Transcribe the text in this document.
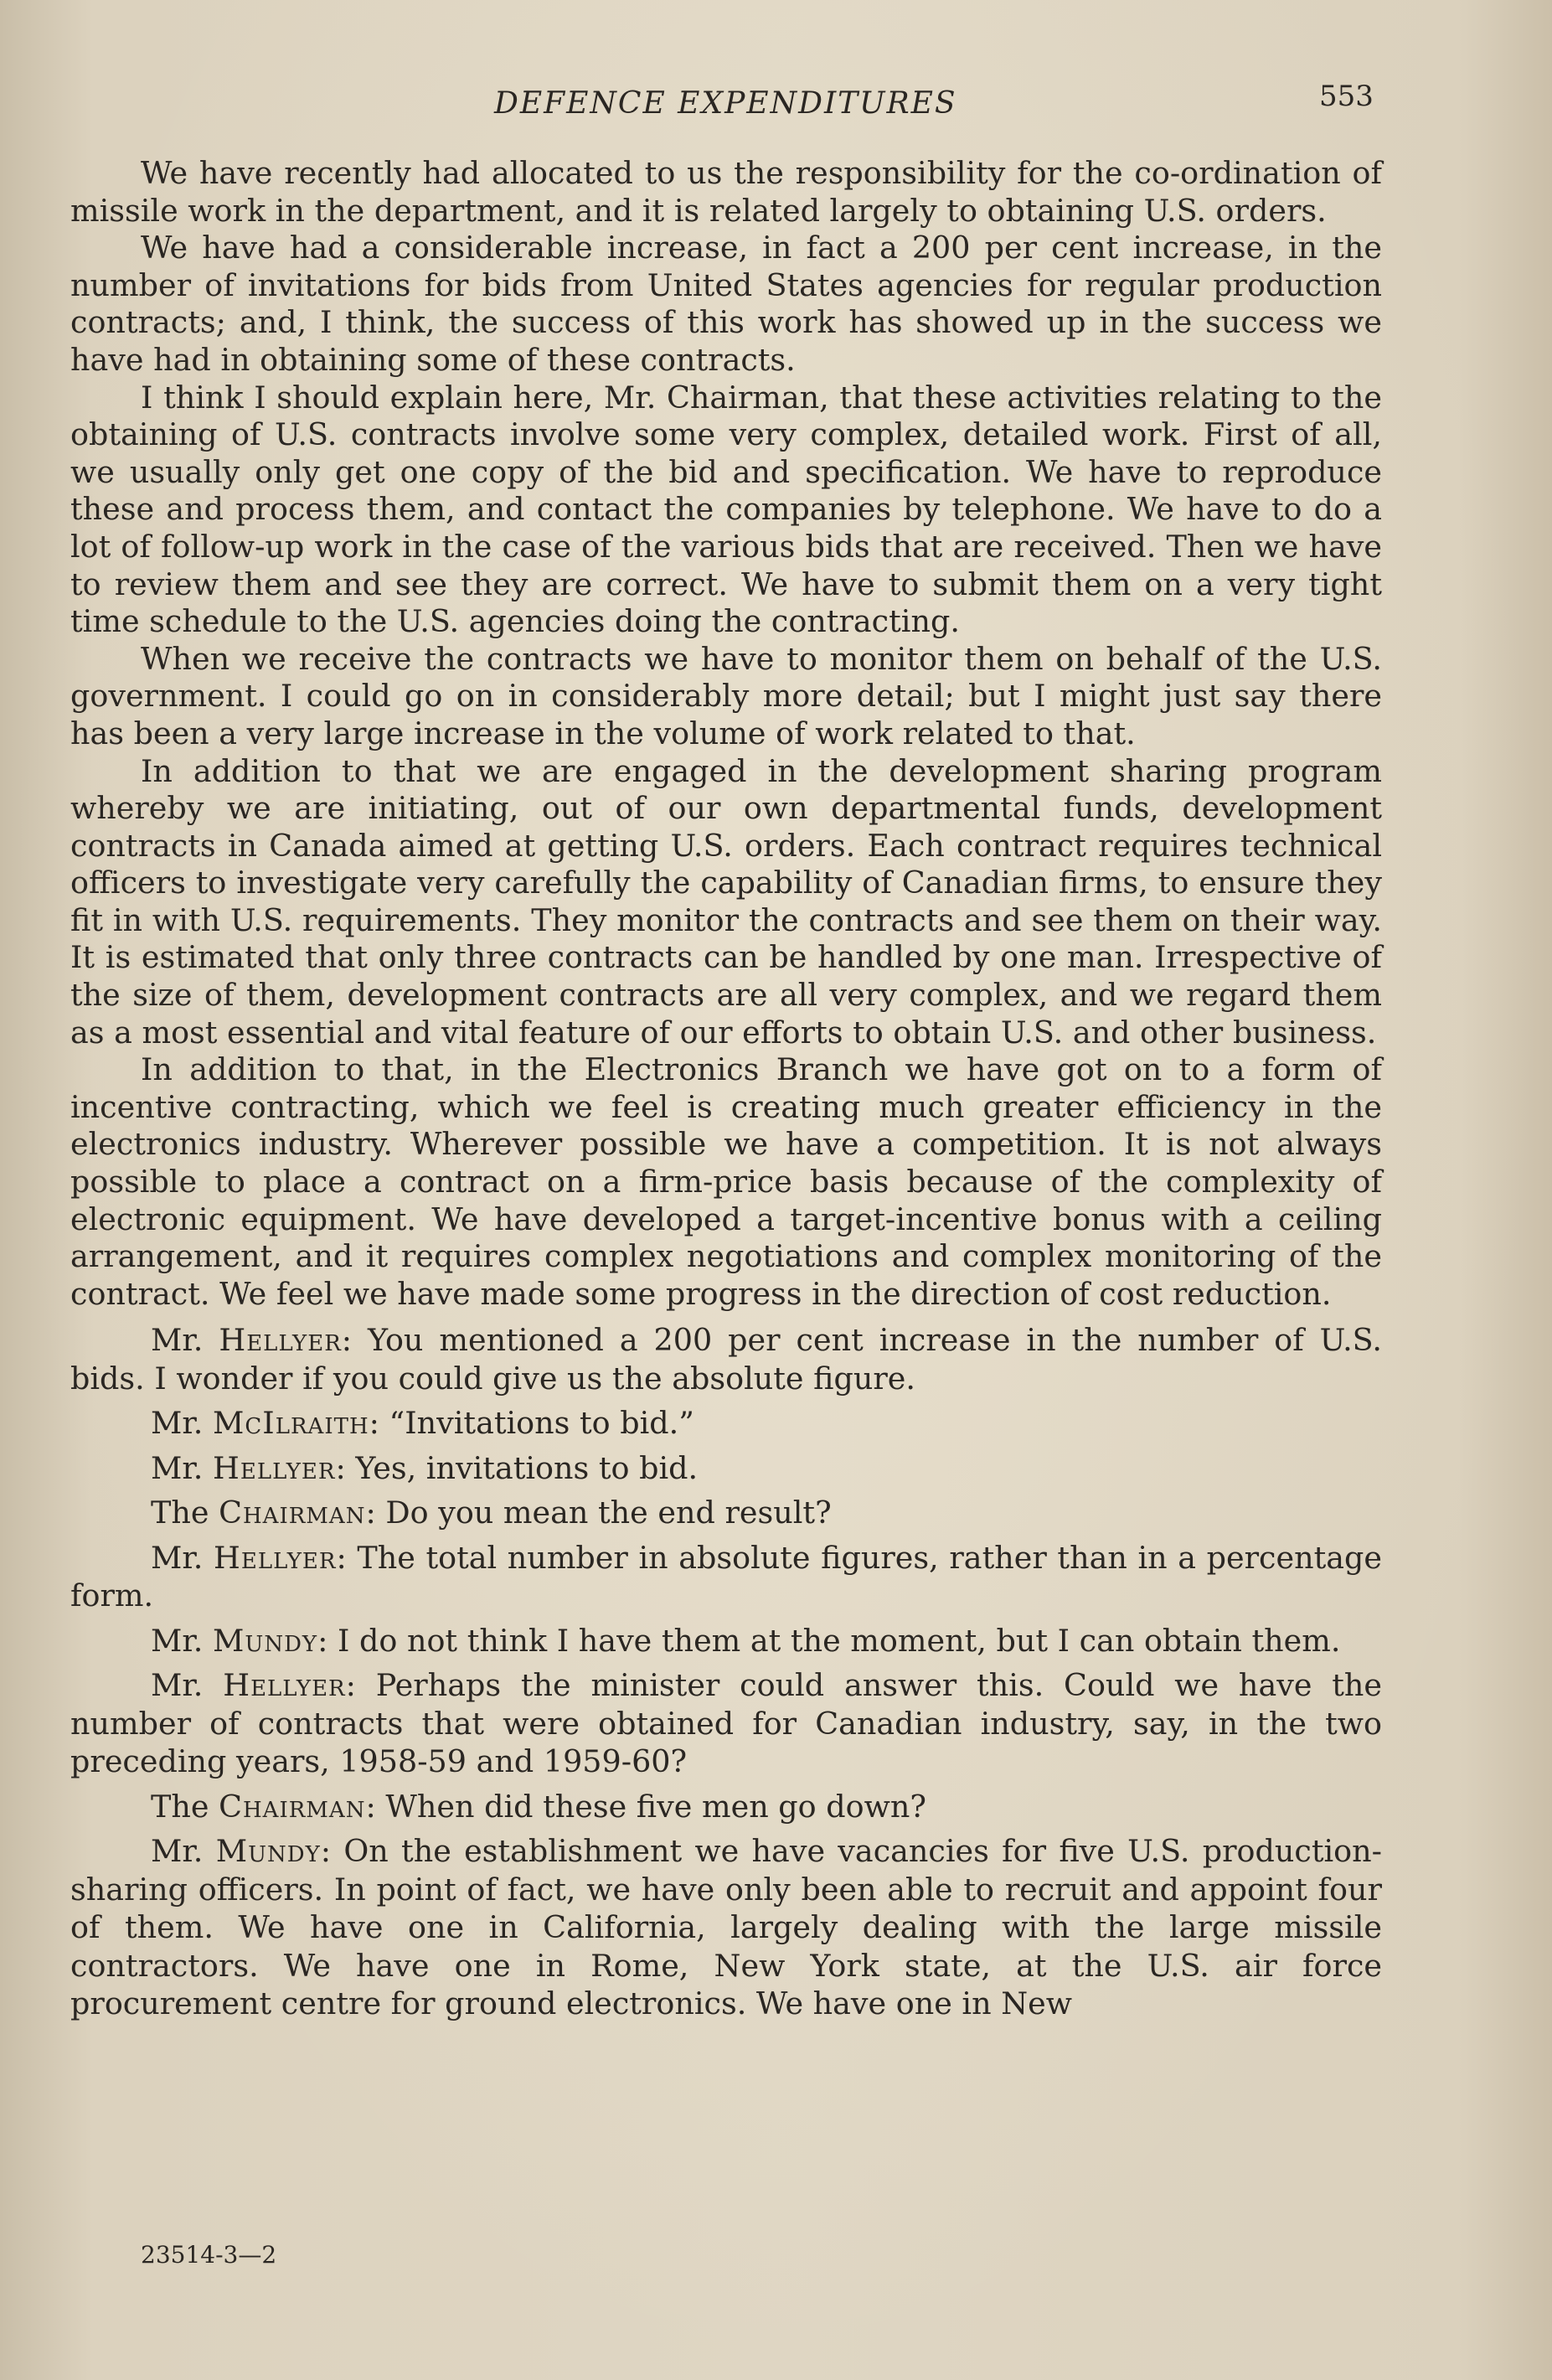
DEFENCE EXPENDITURES	553

We have recently had allocated to us the responsibility for the co-ordination of missile work in the department, and it is related largely to obtaining U.S. orders.

We have had a considerable increase, in fact a 200 per cent increase, in the number of invitations for bids from United States agencies for regular production contracts; and, I think, the success of this work has showed up in the success we have had in obtaining some of these contracts.

I think I should explain here, Mr. Chairman, that these activities relating to the obtaining of U.S. contracts involve some very complex, detailed work. First of all, we usually only get one copy of the bid and specification. We have to reproduce these and process them, and contact the companies by telephone. We have to do a lot of follow-up work in the case of the various bids that are received. Then we have to review them and see they are correct. We have to submit them on a very tight time schedule to the U.S. agencies doing the contracting.

When we receive the contracts we have to monitor them on behalf of the U.S. government. I could go on in considerably more detail; but I might just say there has been a very large increase in the volume of work related to that.

In addition to that we are engaged in the development sharing program whereby we are initiating, out of our own departmental funds, development contracts in Canada aimed at getting U.S. orders. Each contract requires technical officers to investigate very carefully the capability of Canadian firms, to ensure they fit in with U.S. requirements. They monitor the contracts and see them on their way. It is estimated that only three contracts can be handled by one man. Irrespective of the size of them, development contracts are all very complex, and we regard them as a most essential and vital feature of our efforts to obtain U.S. and other business.

In addition to that, in the Electronics Branch we have got on to a form of incentive contracting, which we feel is creating much greater efficiency in the electronics industry. Wherever possible we have a competition. It is not always possible to place a contract on a firm-price basis because of the complexity of electronic equipment. We have developed a target-incentive bonus with a ceiling arrangement, and it requires complex negotiations and complex monitoring of the contract. We feel we have made some progress in the direction of cost reduction.

Mr. Hellyer: You mentioned a 200 per cent increase in the number of U.S. bids. I wonder if you could give us the absolute figure.

Mr. McIlraith: “Invitations to bid.”

Mr. Hellyer: Yes, invitations to bid.

The Chairman: Do you mean the end result?

Mr. Hellyer: The total number in absolute figures, rather than in a percentage form.

Mr. Mundy: I do not think I have them at the moment, but I can obtain them.

Mr. Hellyer: Perhaps the minister could answer this. Could we have the number of contracts that were obtained for Canadian industry, say, in the two preceding years, 1958-59 and 1959-60?

The Chairman: When did these five men go down?

Mr. Mundy: On the establishment we have vacancies for five U.S. production-sharing officers. In point of fact, we have only been able to recruit and appoint four of them. We have one in California, largely dealing with the large missile contractors. We have one in Rome, New York state, at the U.S. air force procurement centre for ground electronics. We have one in New

23514-3—2
